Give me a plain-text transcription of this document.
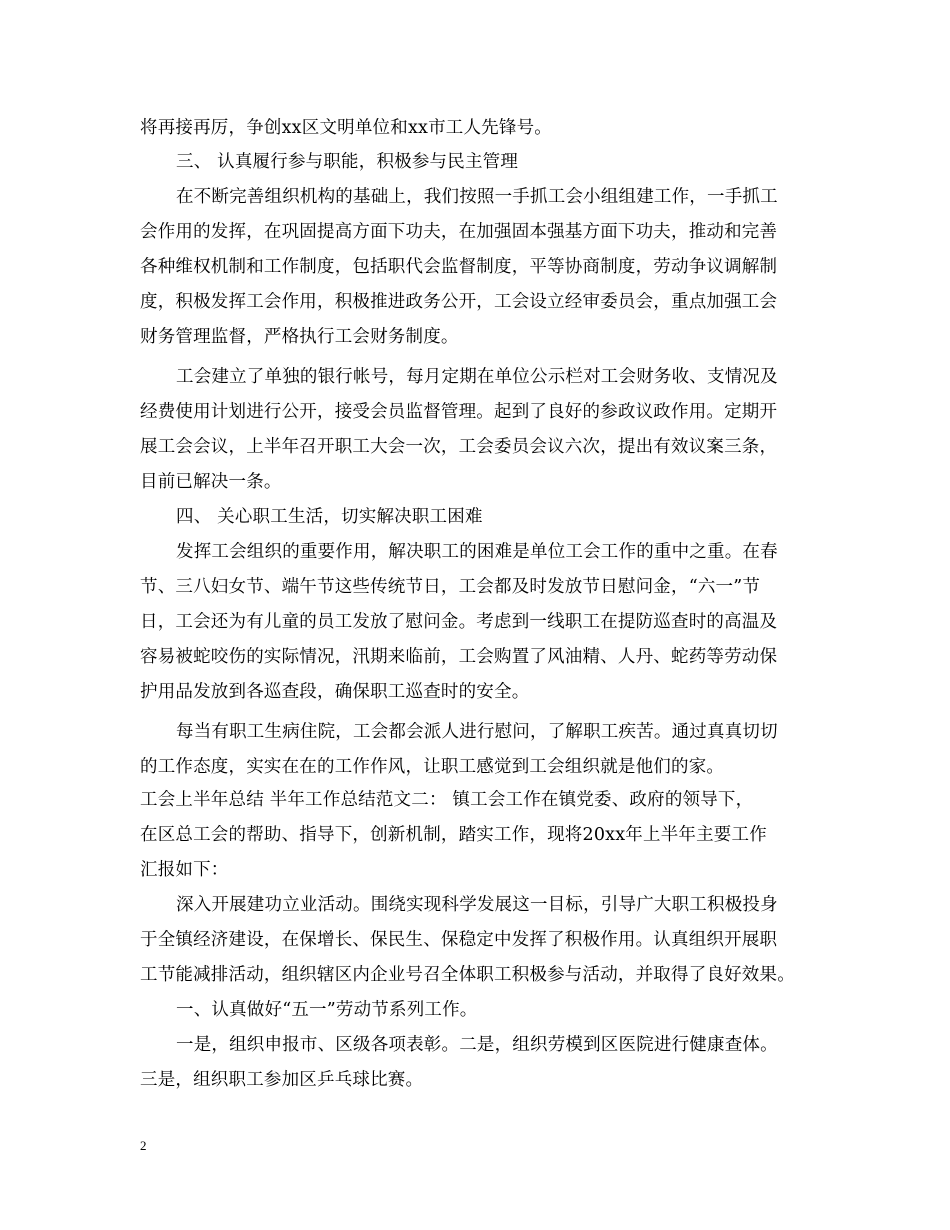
将再接再厉，争创xx区文明单位和xx市工人先锋号。
三、 认真履行参与职能，积极参与民主管理
在不断完善组织机构的基础上，我们按照一手抓工会小组组建工作，一手抓工
会作用的发挥，在巩固提高方面下功夫，在加强固本强基方面下功夫，推动和完善
各种维权机制和工作制度，包括职代会监督制度，平等协商制度，劳动争议调解制
度，积极发挥工会作用，积极推进政务公开，工会设立经审委员会，重点加强工会
财务管理监督，严格执行工会财务制度。
工会建立了单独的银行帐号，每月定期在单位公示栏对工会财务收、支情况及
经费使用计划进行公开，接受会员监督管理。起到了良好的参政议政作用。定期开
展工会会议，上半年召开职工大会一次，工会委员会议六次，提出有效议案三条，
目前已解决一条。
四、 关心职工生活，切实解决职工困难
发挥工会组织的重要作用，解决职工的困难是单位工会工作的重中之重。在春
节、三八妇女节、端午节这些传统节日，工会都及时发放节日慰问金，“六一”节
日，工会还为有儿童的员工发放了慰问金。考虑到一线职工在提防巡查时的高温及
容易被蛇咬伤的实际情况，汛期来临前，工会购置了风油精、人丹、蛇药等劳动保
护用品发放到各巡查段，确保职工巡查时的安全。
每当有职工生病住院，工会都会派人进行慰问，了解职工疾苦。通过真真切切
的工作态度，实实在在的工作作风，让职工感觉到工会组织就是他们的家。
工会上半年总结 半年工作总结范文二： 镇工会工作在镇党委、政府的领导下，
在区总工会的帮助、指导下，创新机制，踏实工作，现将20xx年上半年主要工作
汇报如下：
深入开展建功立业活动。围绕实现科学发展这一目标，引导广大职工积极投身
于全镇经济建设，在保增长、保民生、保稳定中发挥了积极作用。认真组织开展职
工节能减排活动，组织辖区内企业号召全体职工积极参与活动，并取得了良好效果。
一、认真做好“五一”劳动节系列工作。
一是，组织申报市、区级各项表彰。二是，组织劳模到区医院进行健康查体。
三是，组织职工参加区乒乓球比赛。
2
